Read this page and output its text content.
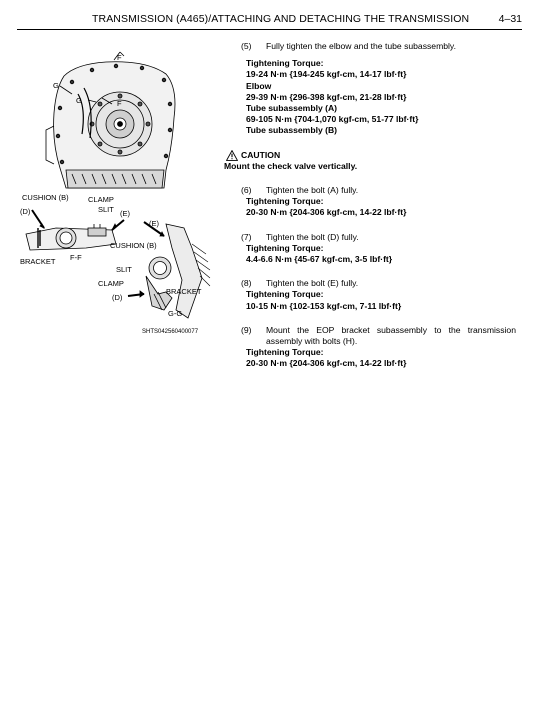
TRANSMISSION (A465)/ATTACHING AND DETACHING THE TRANSMISSION	4–31
F
G
G	F
CUSHION (B)	CLAMP
SLIT (E)
(D)
BRACKET F-F
(E)
CUSHION (B)
SLIT
CLAMP
(D)
BRACKET
G-G
SHTS042560400077
(5)	Fully tighten the elbow and the tube subassembly.
Tightening Torque:
19-24 N·m {194-245 kgf-cm, 14-17 lbf·ft}
Elbow
29-39 N·m {296-398 kgf-cm, 21-28 lbf·ft}
Tube subassembly (A)
69-105 N·m {704-1,070 kgf-cm, 51-77 lbf·ft}
Tube subassembly (B)
CAUTION
Mount the check valve vertically.
(6)	Tighten the bolt (A) fully.
Tightening Torque:
20-30 N·m {204-306 kgf-cm, 14-22 lbf·ft}
(7)	Tighten the bolt (D) fully.
Tightening Torque:
4.4-6.6 N·m {45-67 kgf-cm, 3-5 lbf·ft}
(8)	Tighten the bolt (E) fully.
Tightening Torque:
10-15 N·m {102-153 kgf-cm, 7-11 lbf·ft}
(9)	Mount the EOP bracket subassembly to the transmission assembly with bolts (H).
Tightening Torque:
20-30 N·m {204-306 kgf-cm, 14-22 lbf·ft}
